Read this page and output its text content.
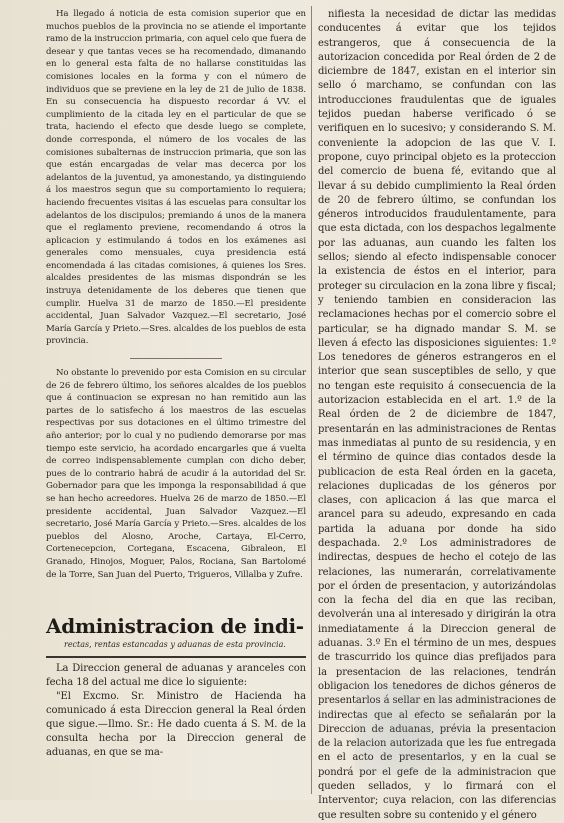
Ha llegado á noticia de esta comision superior que en muchos pueblos de la provincia no se atiende el importante ramo de la instruccion primaria, con aquel celo que fuera de desear y que tantas veces se ha recomendado, dimanando en lo general esta falta de no hallarse constituidas las comisiones locales en la forma y con el número de individuos que se previene en la ley de 21 de julio de 1838. En su consecuencia ha dispuesto recordar á VV. el cumplimiento de la citada ley en el particular de que se trata, haciendo el efecto que desde luego se complete, donde corresponda, el número de los vocales de las comisiones subalternas de instruccion primaria, que son las que están encargadas de velar mas decerca por los adelantos de la juventud, ya amonestando, ya distinguiendo á los maestros segun que su comportamiento lo requiera; haciendo frecuentes visitas á las escuelas para consultar los adelantos de los discipulos; premiando á unos de la manera que el reglamento previene, recomendando á otros la aplicacion y estimulando á todos en los exámenes asi generales como mensuales, cuya presidencia está encomendada á las citadas comisiones, á quienes los Sres. alcaldes presidentes de las mismas dispondrán se les instruya detenidamente de los deberes que tienen que cumplir. Huelva 31 de marzo de 1850.—El presidente accidental, Juan Salvador Vazquez.—El secretario, José María García y Prieto.—Sres. alcaldes de los pueblos de esta provincia.

No obstante lo prevenido por esta Comision en su circular de 26 de febrero último, los señores alcaldes de los pueblos que á continuacion se expresan no han remitido aun las partes de lo satisfecho á los maestros de las escuelas respectivas por sus dotaciones en el último trimestre del año anterior; por lo cual y no pudiendo demorarse por mas tiempo este servicio, ha acordado encargarles que á vuelta de correo indispensablemente cumplan con dicho deber, pues de lo contrario habrá de acudir á la autoridad del Sr. Gobernador para que les imponga la responsabilidad á que se han hecho acreedores. Huelva 26 de marzo de 1850.—El presidente accidental, Juan Salvador Vazquez.—El secretario, José María García y Prieto.—Sres. alcaldes de los pueblos del Alosno, Aroche, Cartaya, El-Cerro, Cortenecepcion, Cortegana, Escacena, Gibraleon, El Granado, Hinojos, Moguer, Palos, Rociana, San Bartolomé de la Torre, San Juan del Puerto, Trigueros, Villalba y Zufre.

Administracion de indi-
rectas, rentas estancadas y aduanas de esta provincia.

La Direccion general de aduanas y aranceles con fecha 18 del actual me dice lo siguiente:

"El Excmo. Sr. Ministro de Hacienda ha comunicado á esta Direccion general la Real órden que sigue.—Ilmo. Sr.: He dado cuenta á S. M. de la consulta hecha por la Direccion general de aduanas, en que se ma-

nifiesta la necesidad de dictar las medidas conducentes á evitar que los tejidos estrangeros, que á consecuencia de la autorizacion concedida por Real órden de 2 de diciembre de 1847, existan en el interior sin sello ó marchamo, se confundan con las introducciones fraudulentas que de iguales tejidos puedan haberse verificado ó se verifiquen en lo sucesivo; y considerando S. M. conveniente la adopcion de las que V. I. propone, cuyo principal objeto es la proteccion del comercio de buena fé, evitando que al llevar á su debido cumplimiento la Real órden de 20 de febrero último, se confundan los géneros introducidos fraudulentamente, para que esta dictada, con los despachos legalmente por las aduanas, aun cuando les falten los sellos; siendo al efecto indispensable conocer la existencia de éstos en el interior, para proteger su circulacion en la zona libre y fiscal; y teniendo tambien en consideracion las reclamaciones hechas por el comercio sobre el particular, se ha dignado mandar S. M. se lleven á efecto las disposiciones siguientes: 1.º Los tenedores de géneros estrangeros en el interior que sean susceptibles de sello, y que no tengan este requisito á consecuencia de la autorizacion establecida en el art. 1.º de la Real órden de 2 de diciembre de 1847, presentarán en las administraciones de Rentas mas inmediatas al punto de su residencia, y en el término de quince dias contados desde la publicacion de esta Real órden en la gaceta, relaciones duplicadas de los géneros por clases, con aplicacion á las que marca el arancel para su adeudo, expresando en cada partida la aduana por donde ha sido despachada. 2.º Los administradores de indirectas, despues de hecho el cotejo de las relaciones, las numerarán, correlativamente por el órden de presentacion, y autorizándolas con la fecha del dia en que las reciban, devolverán una al interesado y dirigirán la otra inmediatamente á la Direccion general de aduanas. 3.º En el término de un mes, despues de trascurrido los quince dias prefijados para la presentacion de las relaciones, tendrán obligacion los tenedores de dichos géneros de presentarlos á sellar en las administraciones de indirectas que al efecto se señalarán por la Direccion de aduanas, prévia la presentacion de la relacion autorizada que les fue entregada en el acto de presentarlos, y en la cual se pondrá por el gefe de la administracion que queden sellados, y lo firmará con el Interventor; cuya relacion, con las diferencias que resulten sobre su contenido y el género
